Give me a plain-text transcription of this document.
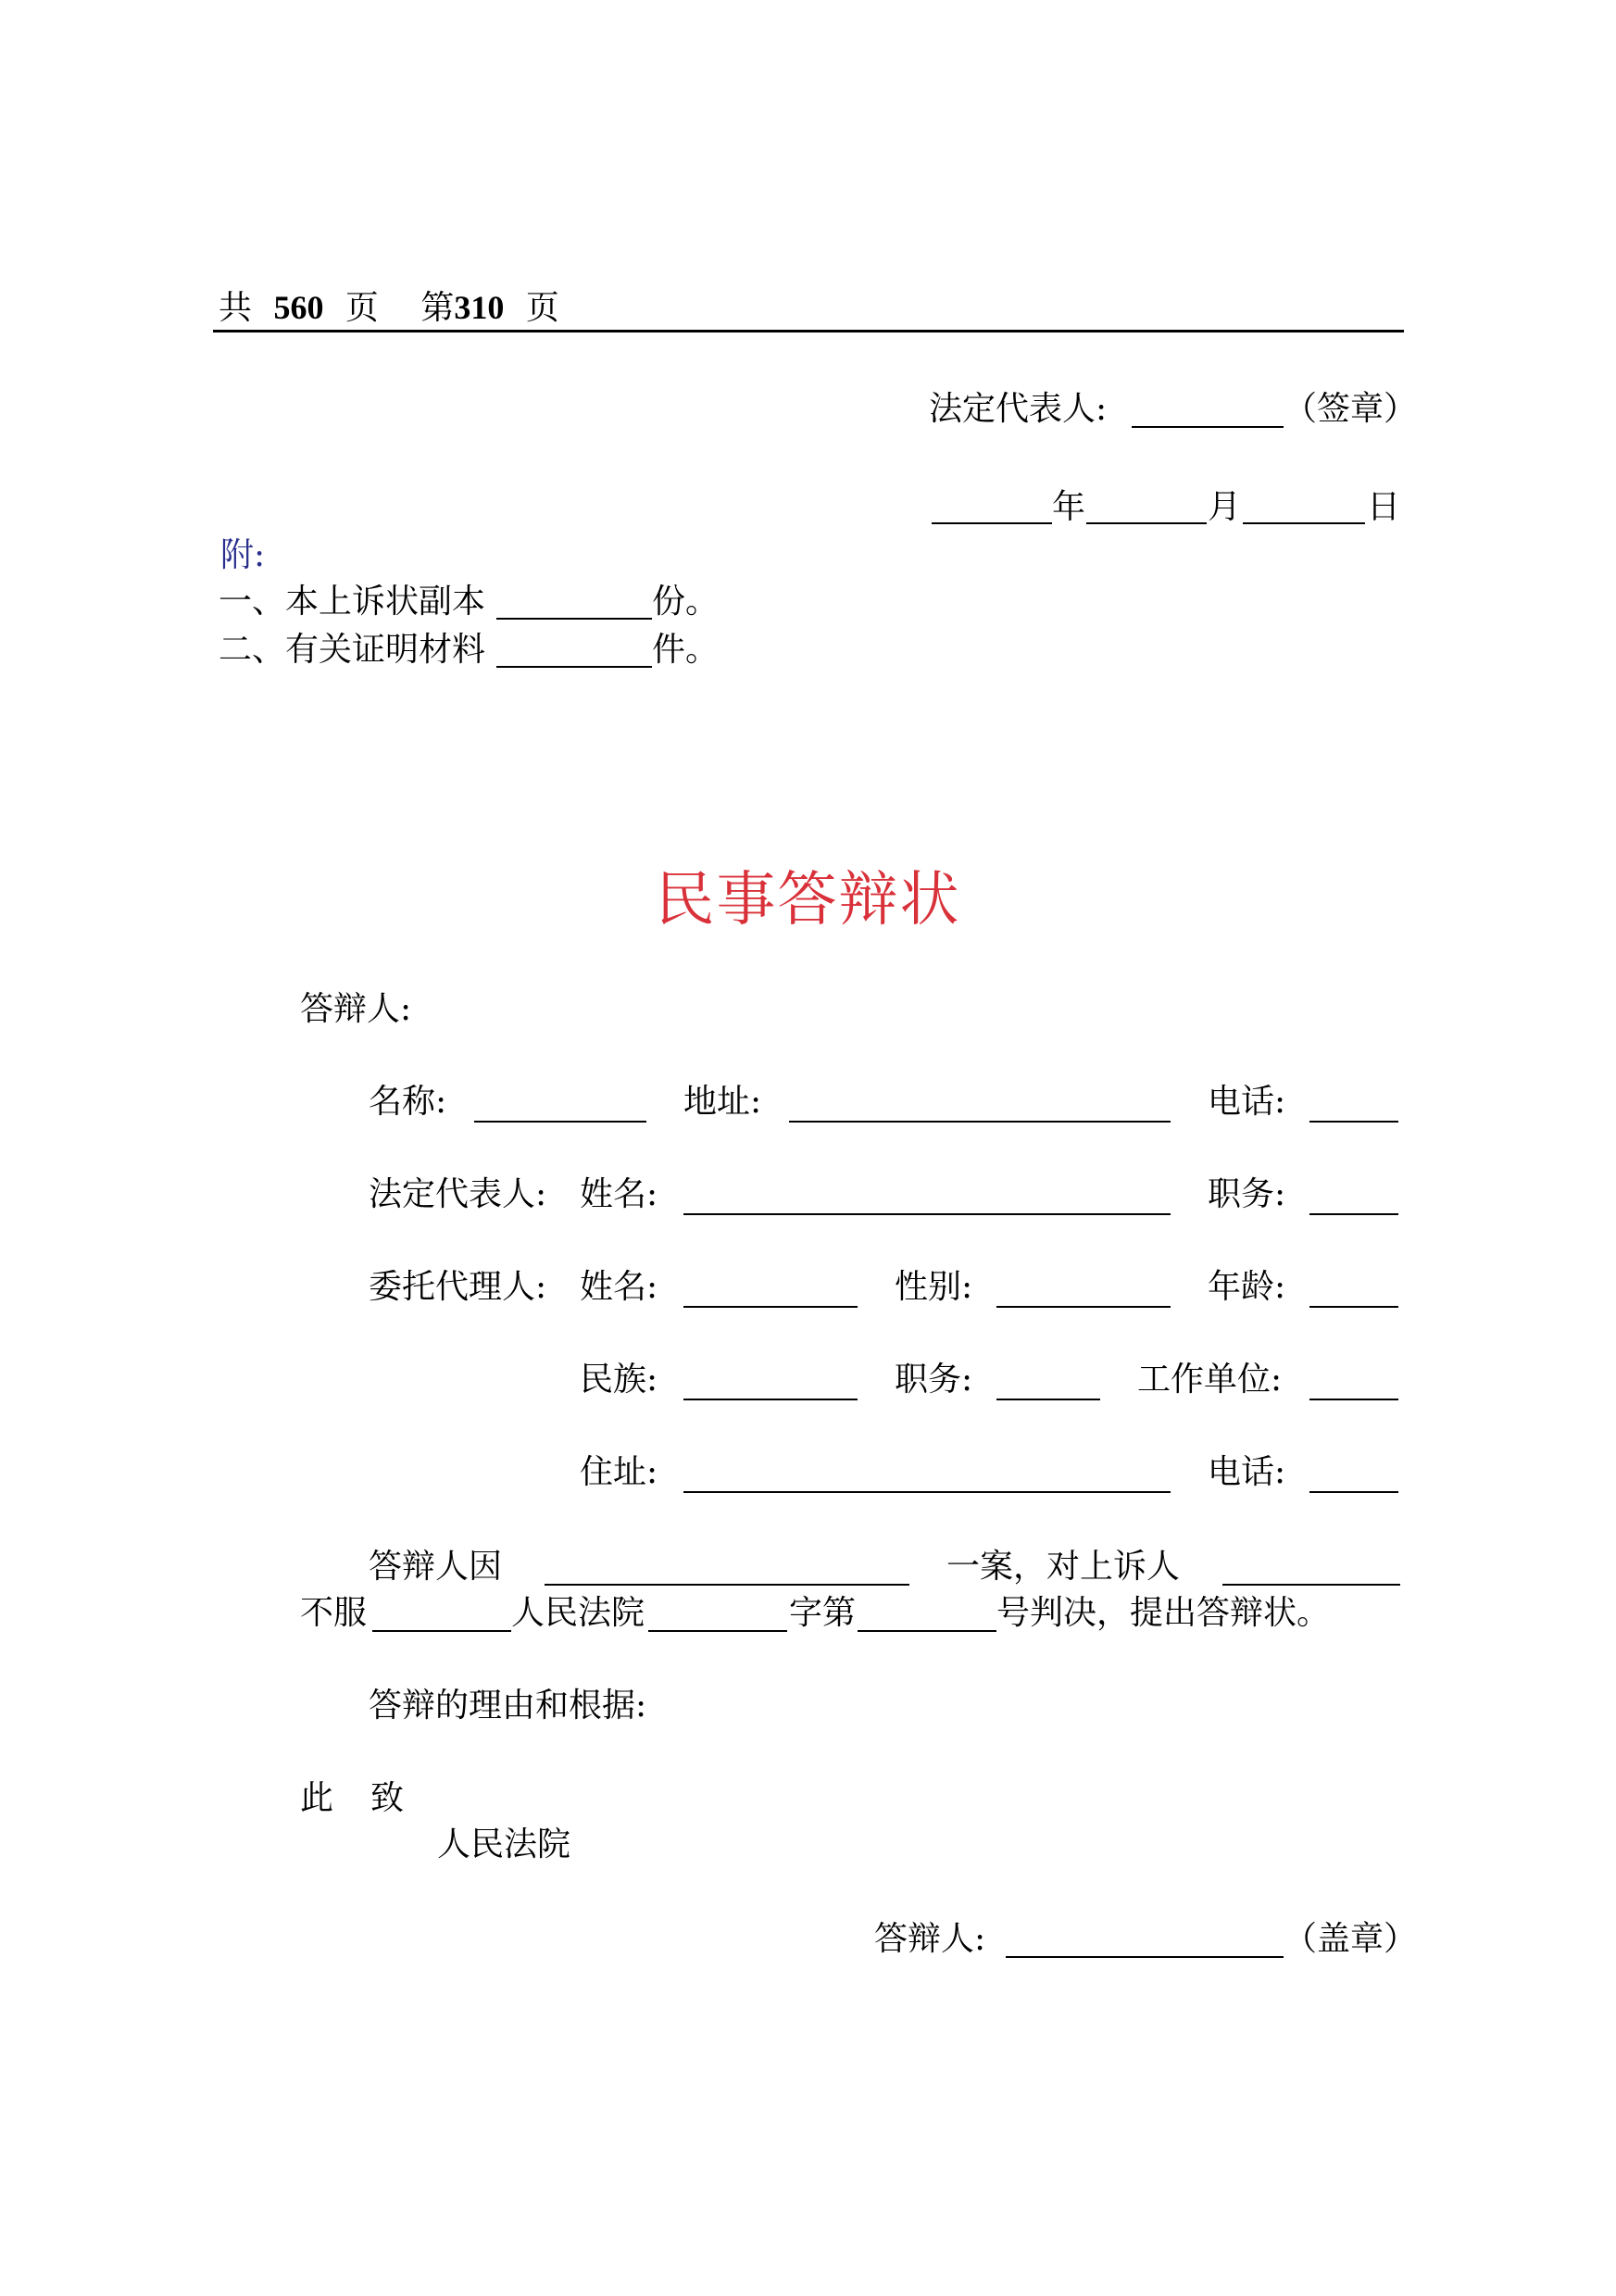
共 560 页 第310 页
法定代表人:	（签章）
年	月	日
附:
一、本上诉状副本	份。
二、有关证明材料	件。
民事答辩状
答辩人:
名称:	地址:	电话:
法定代表人: 姓名:	职务:
委托代理人: 姓名:	性别:	年龄:
民族:	职务:	工作单位:
住址:	电话:
答辩人因	一案，对上诉人
不服	人民法院	字第	号判决，提出答辩状。
答辩的理由和根据:
此 致
人民法院
答辩人:	（盖章）
